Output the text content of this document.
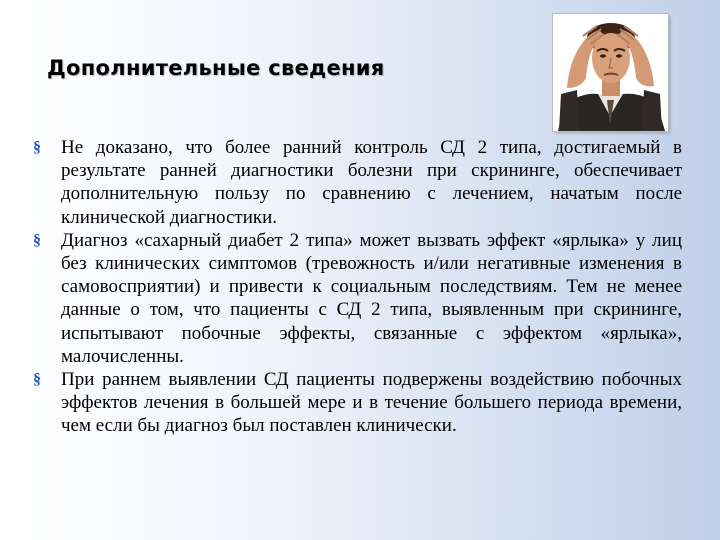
Дополнительные сведения
§ Не доказано, что более ранний контроль СД 2 типа, достигаемый в результате ранней диагностики болезни при скрининге, обеспечивает дополнительную пользу по сравнению с лечением, начатым после клинической диагностики.
§ Диагноз «сахарный диабет 2 типа» может вызвать эффект «ярлыка» у лиц без клинических симптомов (тревожность и/или негативные изменения в самовосприятии) и привести к социальным последствиям. Тем не менее данные о том, что пациенты с СД 2 типа, выявленным при скрининге, испытывают побочные эффекты, связанные с эффектом «ярлыка», малочисленны.
§ При раннем выявлении СД пациенты подвержены воздействию побочных эффектов лечения в большей мере и в течение большего периода времени, чем если бы диагноз был поставлен клинически.
